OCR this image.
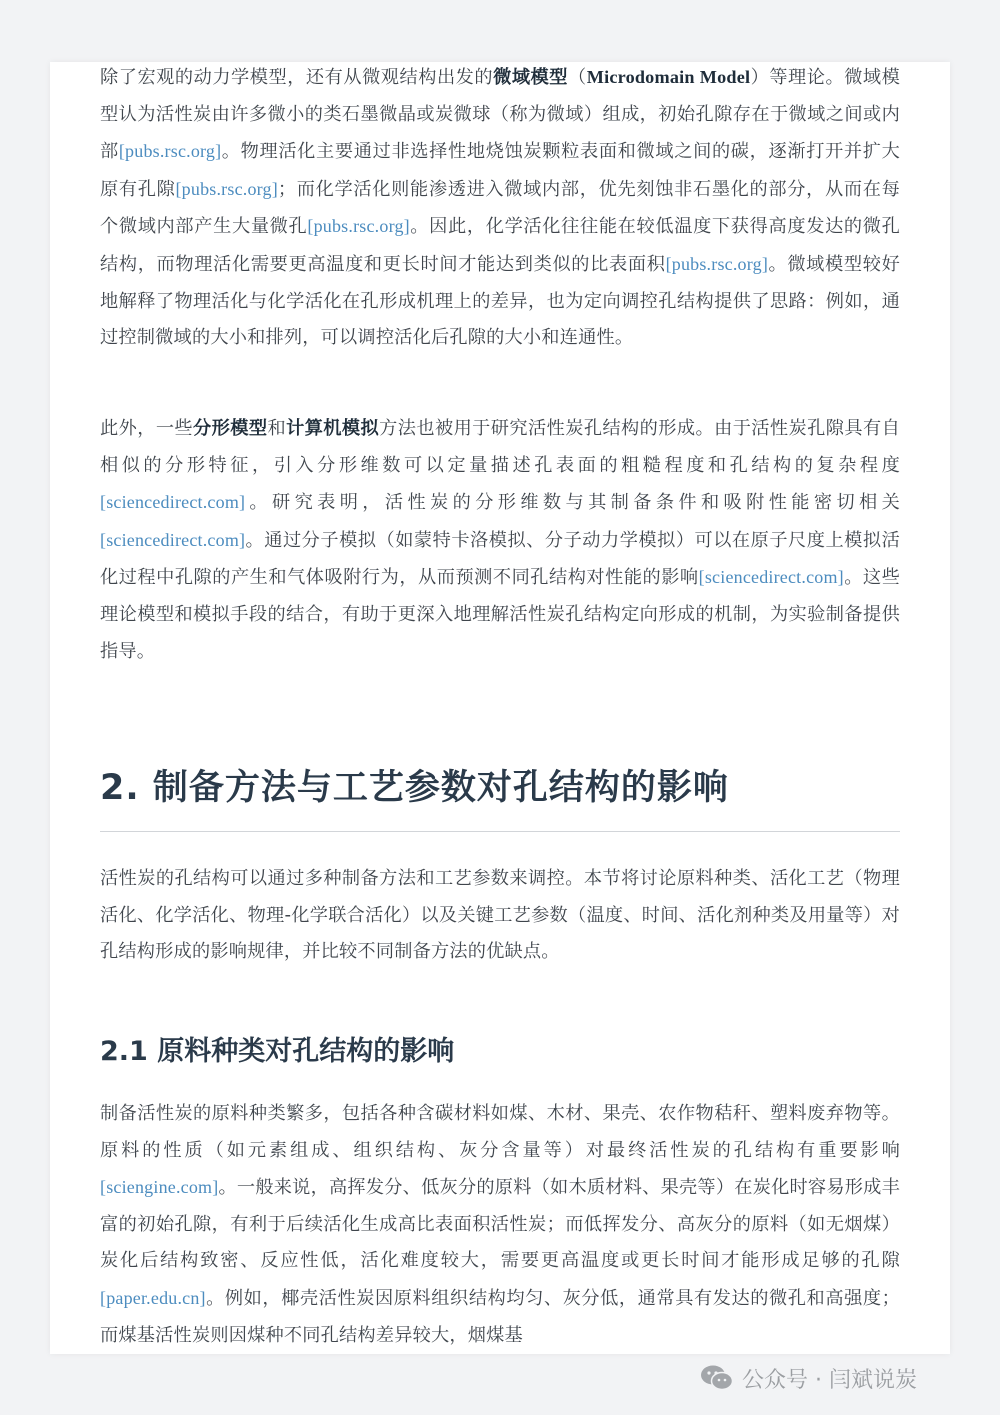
除了宏观的动力学模型，还有从微观结构出发的微域模型（Microdomain Model）等理论。微域模型认为活性炭由许多微小的类石墨微晶或炭微球（称为微域）组成，初始孔隙存在于微域之间或内部[pubs.rsc.org]。物理活化主要通过非选择性地烧蚀炭颗粒表面和微域之间的碳，逐渐打开并扩大原有孔隙[pubs.rsc.org]；而化学活化则能渗透进入微域内部，优先刻蚀非石墨化的部分，从而在每个微域内部产生大量微孔[pubs.rsc.org]。因此，化学活化往往能在较低温度下获得高度发达的微孔结构，而物理活化需要更高温度和更长时间才能达到类似的比表面积[pubs.rsc.org]。微域模型较好地解释了物理活化与化学活化在孔形成机理上的差异，也为定向调控孔结构提供了思路：例如，通过控制微域的大小和排列，可以调控活化后孔隙的大小和连通性。

此外，一些分形模型和计算机模拟方法也被用于研究活性炭孔结构的形成。由于活性炭孔隙具有自相似的分形特征，引入分形维数可以定量描述孔表面的粗糙程度和孔结构的复杂程度[sciencedirect.com]。研究表明，活性炭的分形维数与其制备条件和吸附性能密切相关[sciencedirect.com]。通过分子模拟（如蒙特卡洛模拟、分子动力学模拟）可以在原子尺度上模拟活化过程中孔隙的产生和气体吸附行为，从而预测不同孔结构对性能的影响[sciencedirect.com]。这些理论模型和模拟手段的结合，有助于更深入地理解活性炭孔结构定向形成的机制，为实验制备提供指导。

2. 制备方法与工艺参数对孔结构的影响

活性炭的孔结构可以通过多种制备方法和工艺参数来调控。本节将讨论原料种类、活化工艺（物理活化、化学活化、物理-化学联合活化）以及关键工艺参数（温度、时间、活化剂种类及用量等）对孔结构形成的影响规律，并比较不同制备方法的优缺点。

2.1 原料种类对孔结构的影响

制备活性炭的原料种类繁多，包括各种含碳材料如煤、木材、果壳、农作物秸秆、塑料废弃物等。原料的性质（如元素组成、组织结构、灰分含量等）对最终活性炭的孔结构有重要影响[sciengine.com]。一般来说，高挥发分、低灰分的原料（如木质材料、果壳等）在炭化时容易形成丰富的初始孔隙，有利于后续活化生成高比表面积活性炭；而低挥发分、高灰分的原料（如无烟煤）炭化后结构致密、反应性低，活化难度较大，需要更高温度或更长时间才能形成足够的孔隙[paper.edu.cn]。例如，椰壳活性炭因原料组织结构均匀、灰分低，通常具有发达的微孔和高强度；而煤基活性炭则因煤种不同孔结构差异较大，烟煤基

公众号 · 闫斌说炭
